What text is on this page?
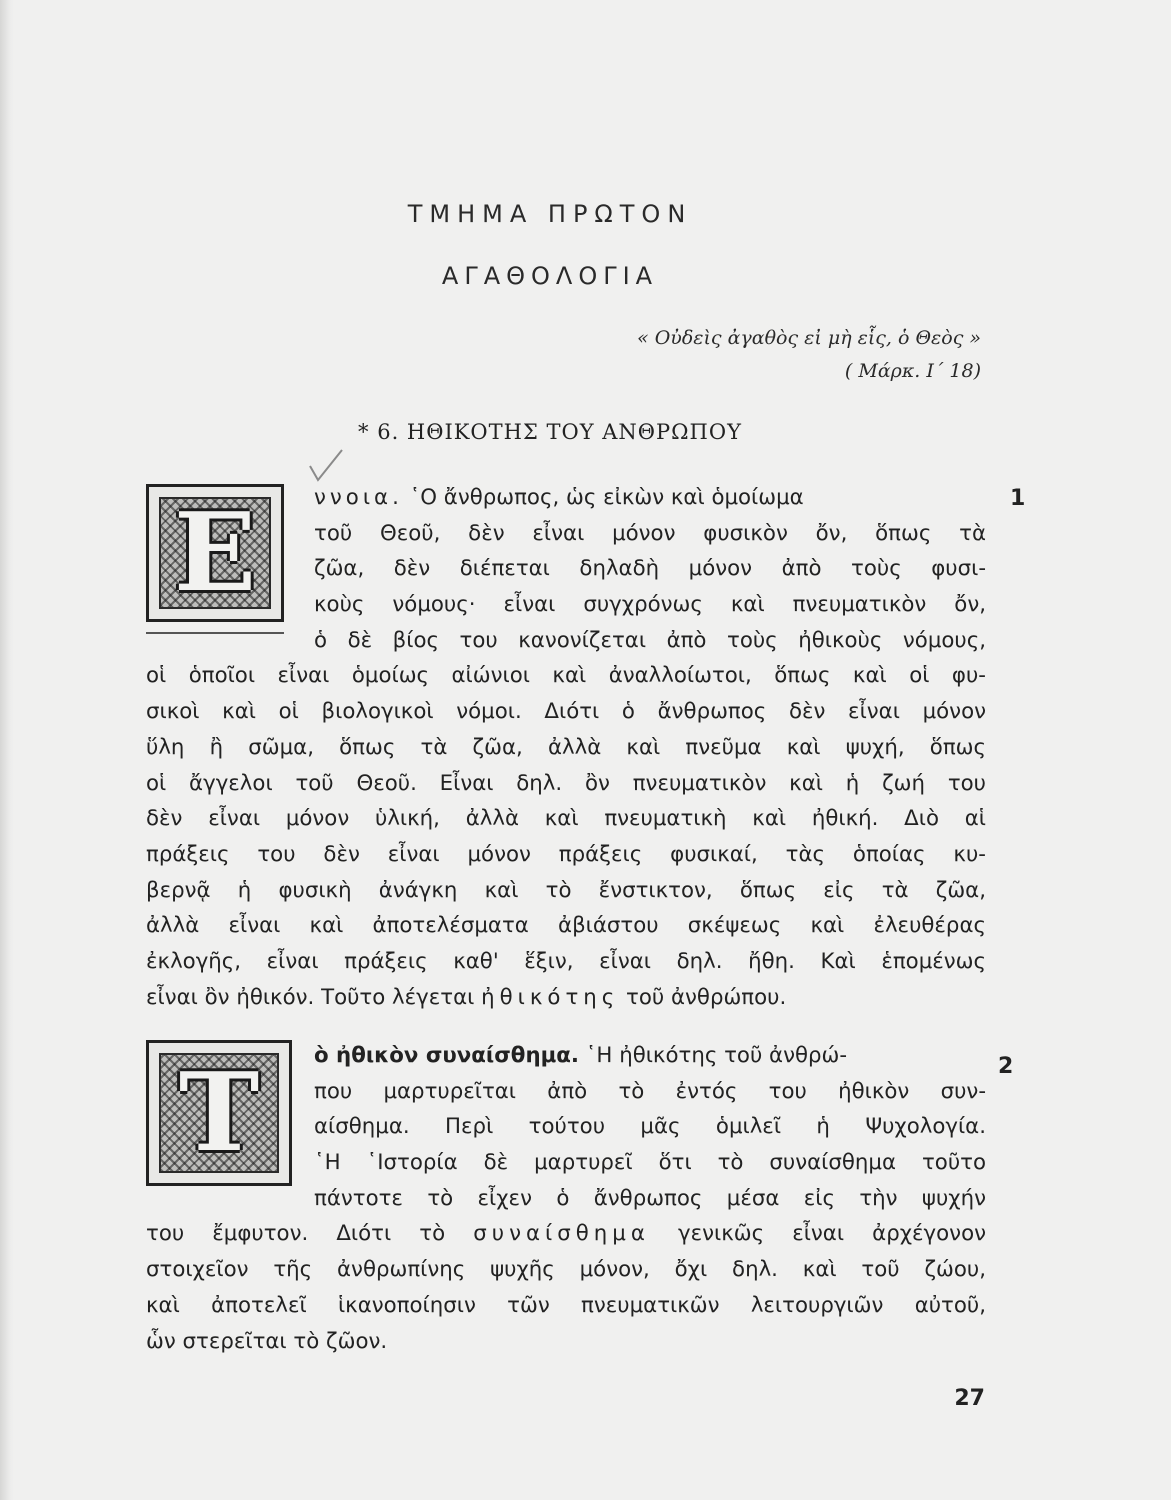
ΤΜΗΜΑ ΠΡΩΤΟΝ
ΑΓΑΘΟΛΟΓΙΑ
« Οὐδεὶς ἀγαθὸς εἰ μὴ εἷς, ὁ Θεὸς »
( Μάρκ. Ι΄ 18)
* 6. ΗΘΙΚΟΤΗΣ ΤΟΥ ΑΝΘΡΩΠΟΥ
Ε	1
ννοια. ῾Ο ἄνθρωπος, ὡς εἰκὼν καὶ ὁμοίωμα
τοῦ Θεοῦ, δὲν εἶναι μόνον φυσικὸν ὄν, ὅπως τὰ
ζῶα, δὲν διέπεται δηλαδὴ μόνον ἀπὸ τοὺς φυσι-
κοὺς νόμους· εἶναι συγχρόνως καὶ πνευματικὸν ὄν,
ὁ δὲ βίος του κανονίζεται ἀπὸ τοὺς ἠθικοὺς νόμους,
οἱ ὁποῖοι εἶναι ὁμοίως αἰώνιοι καὶ ἀναλλοίωτοι, ὅπως καὶ οἱ φυ-
σικοὶ καὶ οἱ βιολογικοὶ νόμοι. Διότι ὁ ἄνθρωπος δὲν εἶναι μόνον
ὕλη ἢ σῶμα, ὅπως τὰ ζῶα, ἀλλὰ καὶ πνεῦμα καὶ ψυχή, ὅπως
οἱ ἄγγελοι τοῦ Θεοῦ. Εἶναι δηλ. ὂν πνευματικὸν καὶ ἡ ζωή του
δὲν εἶναι μόνον ὑλική, ἀλλὰ καὶ πνευματικὴ καὶ ἠθική. Διὸ αἱ
πράξεις του δὲν εἶναι μόνον πράξεις φυσικαί, τὰς ὁποίας κυ-
βερνᾷ ἡ φυσικὴ ἀνάγκη καὶ τὸ ἔνστικτον, ὅπως εἰς τὰ ζῶα,
ἀλλὰ εἶναι καὶ ἀποτελέσματα ἀβιάστου σκέψεως καὶ ἐλευθέρας
ἐκλογῆς, εἶναι πράξεις καθ' ἕξιν, εἶναι δηλ. ἤθη. Καὶ ἑπομένως
εἶναι ὂν ἠθικόν. Τοῦτο λέγεται ἠθικότης τοῦ ἀνθρώπου.
Τ	2
ὸ ἠθικὸν συναίσθημα. ῾Η ἠθικότης τοῦ ἀνθρώ-
που μαρτυρεῖται ἀπὸ τὸ ἐντός του ἠθικὸν συν-
αίσθημα. Περὶ τούτου μᾶς ὁμιλεῖ ἡ Ψυχολογία.
῾Η ῾Ιστορία δὲ μαρτυρεῖ ὅτι τὸ συναίσθημα τοῦτο
πάντοτε τὸ εἶχεν ὁ ἄνθρωπος μέσα εἰς τὴν ψυχήν
του ἔμφυτον. Διότι τὸ συναίσθημα γενικῶς εἶναι ἀρχέγονον
στοιχεῖον τῆς ἀνθρωπίνης ψυχῆς μόνον, ὄχι δηλ. καὶ τοῦ ζώου,
καὶ ἀποτελεῖ ἱκανοποίησιν τῶν πνευματικῶν λειτουργιῶν αὐτοῦ,
ὧν στερεῖται τὸ ζῶον.
27
